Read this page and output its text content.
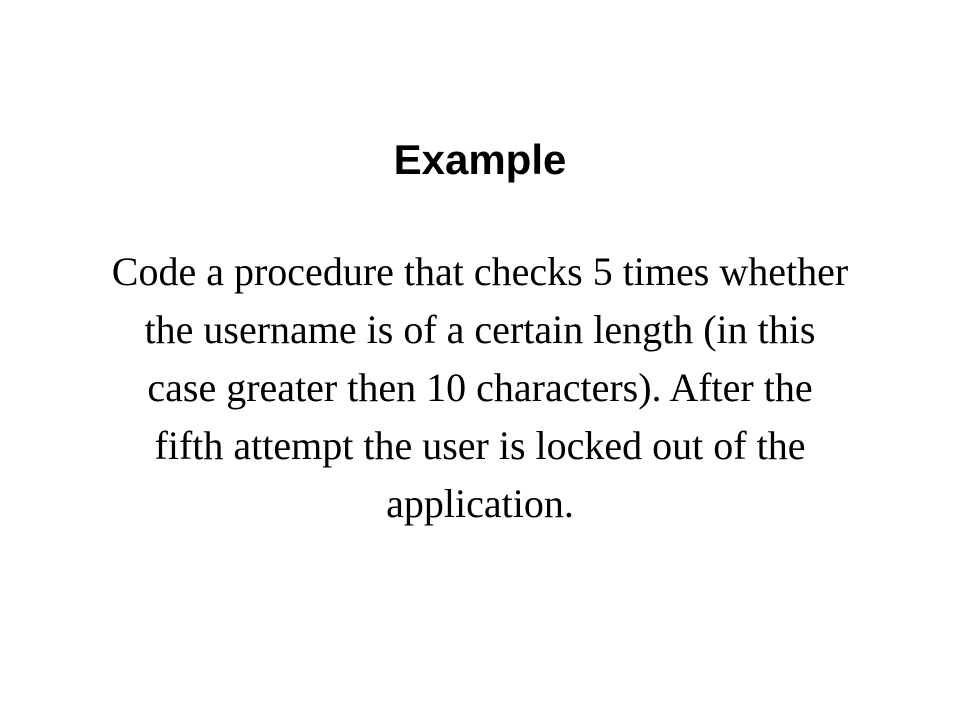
Example

Code a procedure that checks 5 times whether
the username is of a certain length (in this
case greater then 10 characters). After the
fifth attempt the user is locked out of the
application.
